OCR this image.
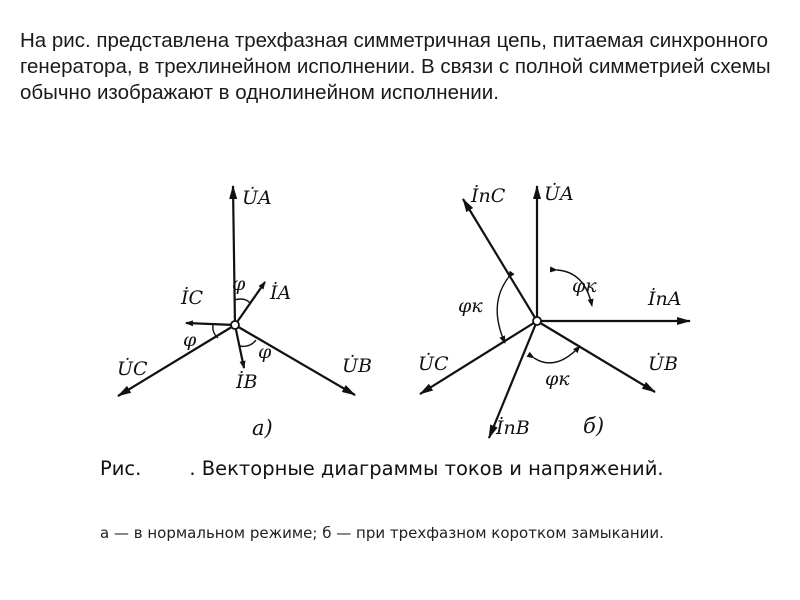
На рис. представлена трехфазная симметричная цепь, питаемая синхронного генератора, в трехлинейном исполнении. В связи с полной симметрией схемы обычно изображают в однолинейном исполнении.

U̇A
İA
φ
İC
φ
φ
İB
U̇C	U̇B
а)
İnC U̇A
φк
İnA
φк
U̇C	U̇B
φк
İnB	б)

Рис. . Векторные диаграммы токов и напряжений.

а — в нормальном режиме; б — при трехфазном коротком замыкании.
